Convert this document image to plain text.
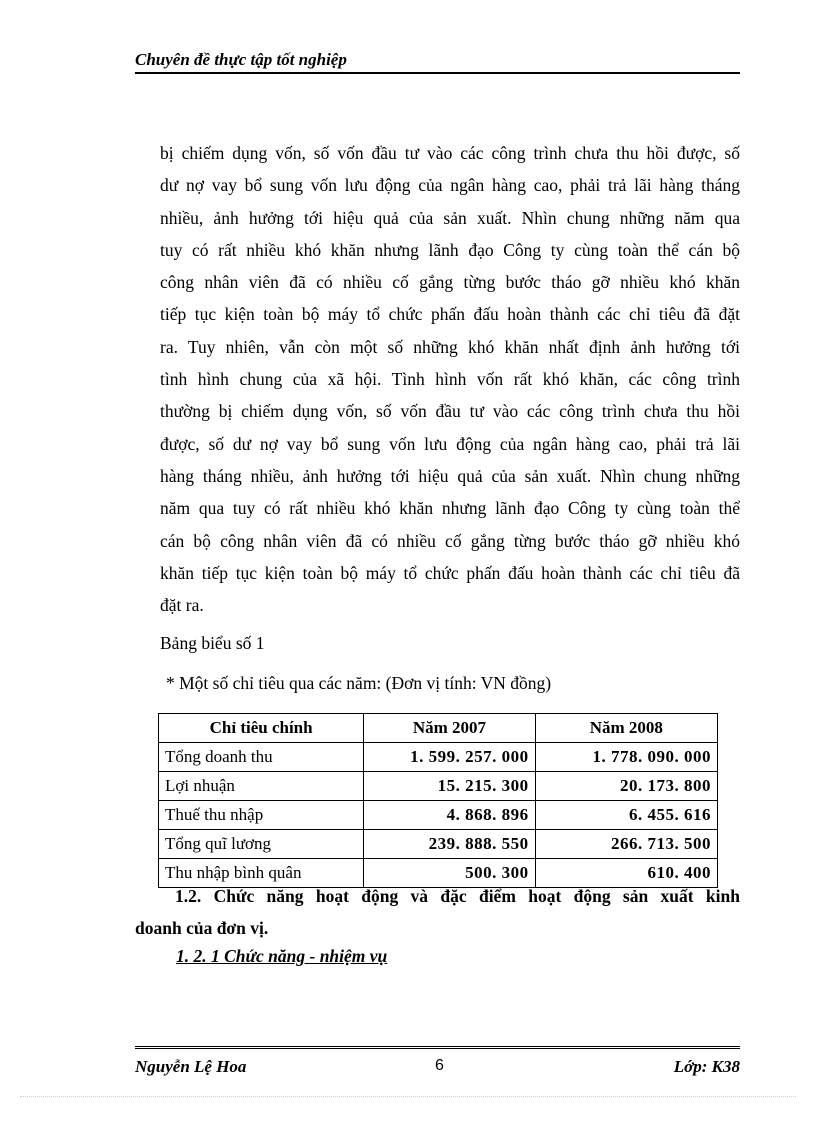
Chuyên đề thực tập tốt nghiệp
bị chiếm dụng vốn, số vốn đầu tư vào các công trình chưa thu hồi được, số
dư nợ vay bổ sung vốn lưu động của ngân hàng cao, phải trả lãi hàng tháng
nhiều, ảnh hưởng tới hiệu quả của sản xuất. Nhìn chung những năm qua
tuy có rất nhiều khó khăn nhưng lãnh đạo Công ty cùng toàn thể cán bộ
công nhân viên đã có nhiều cố gắng từng bước tháo gỡ nhiều khó khăn
tiếp tục kiện toàn bộ máy tổ chức phấn đấu hoàn thành các chỉ tiêu đã đặt
ra. Tuy nhiên, vẫn còn một số những khó khăn nhất định ảnh hưởng tới
tình hình chung của xã hội. Tình hình vốn rất khó khăn, các công trình
thường bị chiếm dụng vốn, số vốn đầu tư vào các công trình chưa thu hồi
được, số dư nợ vay bổ sung vốn lưu động của ngân hàng cao, phải trả lãi
hàng tháng nhiều, ảnh hưởng tới hiệu quả của sản xuất. Nhìn chung những
năm qua tuy có rất nhiều khó khăn nhưng lãnh đạo Công ty cùng toàn thể
cán bộ công nhân viên đã có nhiều cố gắng từng bước tháo gỡ nhiều khó
khăn tiếp tục kiện toàn bộ máy tổ chức phấn đấu hoàn thành các chỉ tiêu đã
đặt ra.
Bảng biểu số 1
* Một số chỉ tiêu qua các năm: (Đơn vị tính: VN đồng)
Chỉ tiêu chính	Năm 2007	Năm 2008
Tổng doanh thu	1. 599. 257. 000	1. 778. 090. 000
Lợi nhuận	15. 215. 300	20. 173. 800
Thuế thu nhập	4. 868. 896	6. 455. 616
Tổng quĩ lương	239. 888. 550	266. 713. 500
Thu nhập bình quân	500. 300	610. 400
1.2. Chức năng hoạt động và đặc điểm hoạt động sản xuất kinh
doanh của đơn vị.
1. 2. 1 Chức năng - nhiệm vụ
Nguyễn Lệ Hoa	6	Lớp: K38
